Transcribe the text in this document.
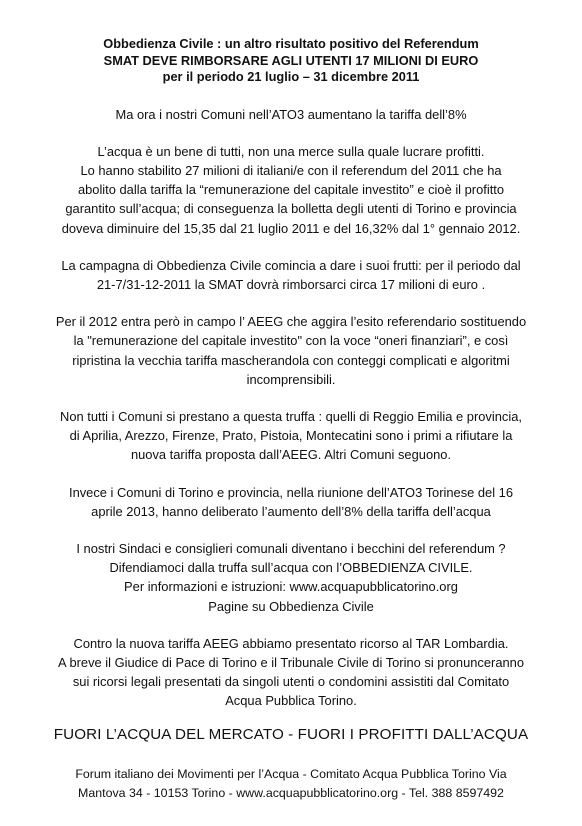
Obbedienza Civile : un altro risultato positivo del Referendum

SMAT DEVE RIMBORSARE AGLI UTENTI 17 MILIONI DI EURO

per il periodo 21 luglio – 31 dicembre 2011

Ma ora i nostri Comuni nell’ATO3 aumentano la tariffa dell’8%

L’acqua è un bene di tutti, non una merce sulla quale lucrare profitti.

Lo hanno stabilito 27 milioni di italiani/e con il referendum del 2011 che ha

abolito dalla tariffa la “remunerazione del capitale investito” e cioè il profitto

garantito sull’acqua; di conseguenza la bolletta degli utenti di Torino e provincia

doveva diminuire del 15,35 dal 21 luglio 2011 e del 16,32% dal 1° gennaio 2012.

La campagna di Obbedienza Civile comincia a dare i suoi frutti: per il periodo dal

21-7/31-12-2011 la SMAT dovrà rimborsarci circa 17 milioni di euro .

Per il 2012 entra però in campo l’ AEEG che aggira l’esito referendario sostituendo

la "remunerazione del capitale investito" con la voce “oneri finanziari”, e così

ripristina la vecchia tariffa mascherandola con conteggi complicati e algoritmi

incomprensibili.

Non tutti i Comuni si prestano a questa truffa : quelli di Reggio Emilia e provincia,

di Aprilia, Arezzo, Firenze, Prato, Pistoia, Montecatini sono i primi a rifiutare la

nuova tariffa proposta dall’AEEG. Altri Comuni seguono.

Invece i Comuni di Torino e provincia, nella riunione dell’ATO3 Torinese del 16

aprile 2013, hanno deliberato l’aumento dell’8% della tariffa dell’acqua

I nostri Sindaci e consiglieri comunali diventano i becchini del referendum ?

Difendiamoci dalla truffa sull’acqua con l’OBBEDIENZA CIVILE.

Per informazioni e istruzioni: www.acquapubblicatorino.org

Pagine su Obbedienza Civile

Contro la nuova tariffa AEEG abbiamo presentato ricorso al TAR Lombardia.

A breve il Giudice di Pace di Torino e il Tribunale Civile di Torino si pronunceranno

sui ricorsi legali presentati da singoli utenti o condomini assistiti dal Comitato

Acqua Pubblica Torino.

FUORI L’ACQUA DEL MERCATO - FUORI I PROFITTI DALL’ACQUA

Forum italiano dei Movimenti per l’Acqua - Comitato Acqua Pubblica Torino Via

Mantova 34 - 10153 Torino - www.acquapubblicatorino.org - Tel. 388 8597492
